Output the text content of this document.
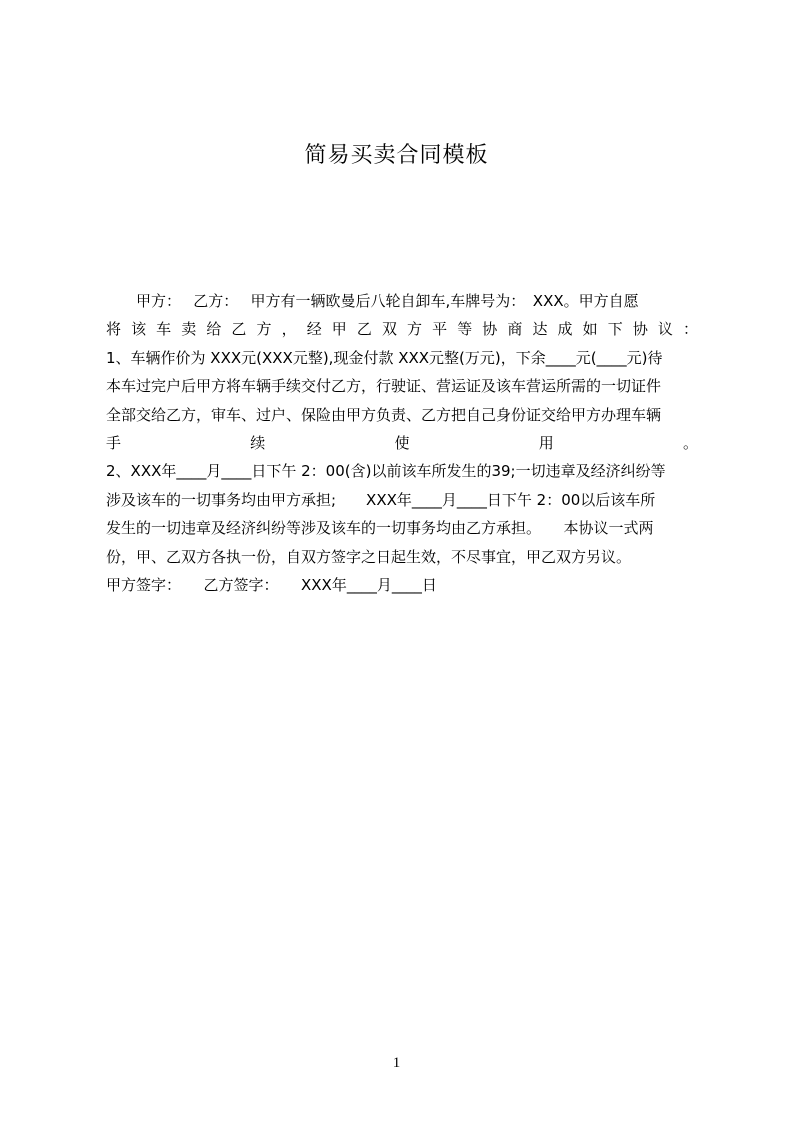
简易买卖合同模板
　　甲方：　 乙方：　 甲方有一辆欧曼后八轮自卸车,车牌号为：　XXX。甲方自愿
将该车卖给乙方，经甲乙双方平等协商达成如下协议：
1、车辆作价为 XXX元(XXX元整),现金付款 XXX元整(万元)，下余____元(____元)待
本车过完户后甲方将车辆手续交付乙方，行驶证、营运证及该车营运所需的一切证件
全部交给乙方，审车、过户、保险由甲方负责、乙方把自己身份证交给甲方办理车辆
手　　　　　续　　　　　使　　　　　用　　　　　。
2、XXX年____月____日下午 2：00(含)以前该车所发生的39;一切违章及经济纠纷等
涉及该车的一切事务均由甲方承担;　　XXX年____月____日下午 2：00以后该车所
发生的一切违章及经济纠纷等涉及该车的一切事务均由乙方承担。　　本协议一式两
份，甲、乙双方各执一份，自双方签字之日起生效，不尽事宜，甲乙双方另议。
甲方签字：　　乙方签字：　　XXX年____月____日
1
